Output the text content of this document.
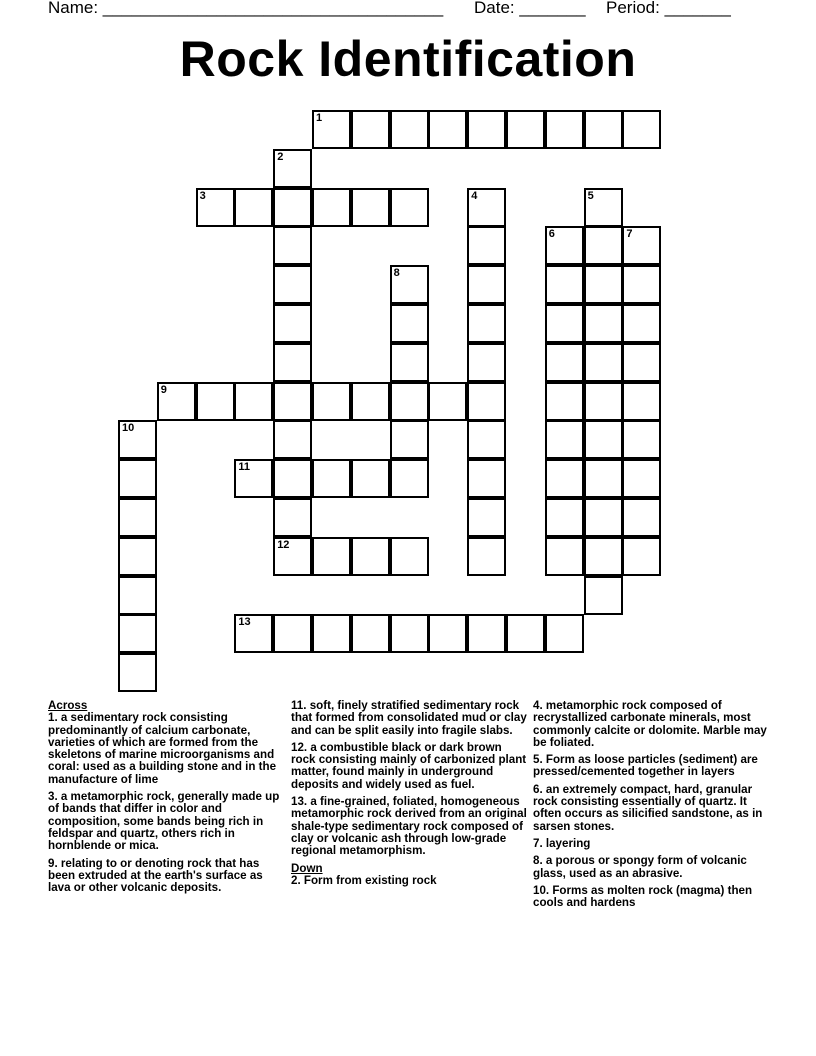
Name: ____________________________________ Date: _______ Period: _______
Rock Identification
1
2
3	4	5
6	7
8
9
10
11
12
13
Across
1. a sedimentary rock consisting predominantly of calcium carbonate, varieties of which are formed from the skeletons of marine microorganisms and coral: used as a building stone and in the manufacture of lime
3. a metamorphic rock, generally made up of bands that differ in color and composition, some bands being rich in feldspar and quartz, others rich in hornblende or mica.
9. relating to or denoting rock that has been extruded at the earth's surface as lava or other volcanic deposits.
11. soft, finely stratified sedimentary rock that formed from consolidated mud or clay and can be split easily into fragile slabs.
12. a combustible black or dark brown rock consisting mainly of carbonized plant matter, found mainly in underground deposits and widely used as fuel.
13. a fine-grained, foliated, homogeneous metamorphic rock derived from an original shale-type sedimentary rock composed of clay or volcanic ash through low-grade regional metamorphism.
Down
2. Form from existing rock
4. metamorphic rock composed of recrystallized carbonate minerals, most commonly calcite or dolomite. Marble may be foliated.
5. Form as loose particles (sediment) are pressed/cemented together in layers
6. an extremely compact, hard, granular rock consisting essentially of quartz. It often occurs as silicified sandstone, as in sarsen stones.
7. layering
8. a porous or spongy form of volcanic glass, used as an abrasive.
10. Forms as molten rock (magma) then cools and hardens
